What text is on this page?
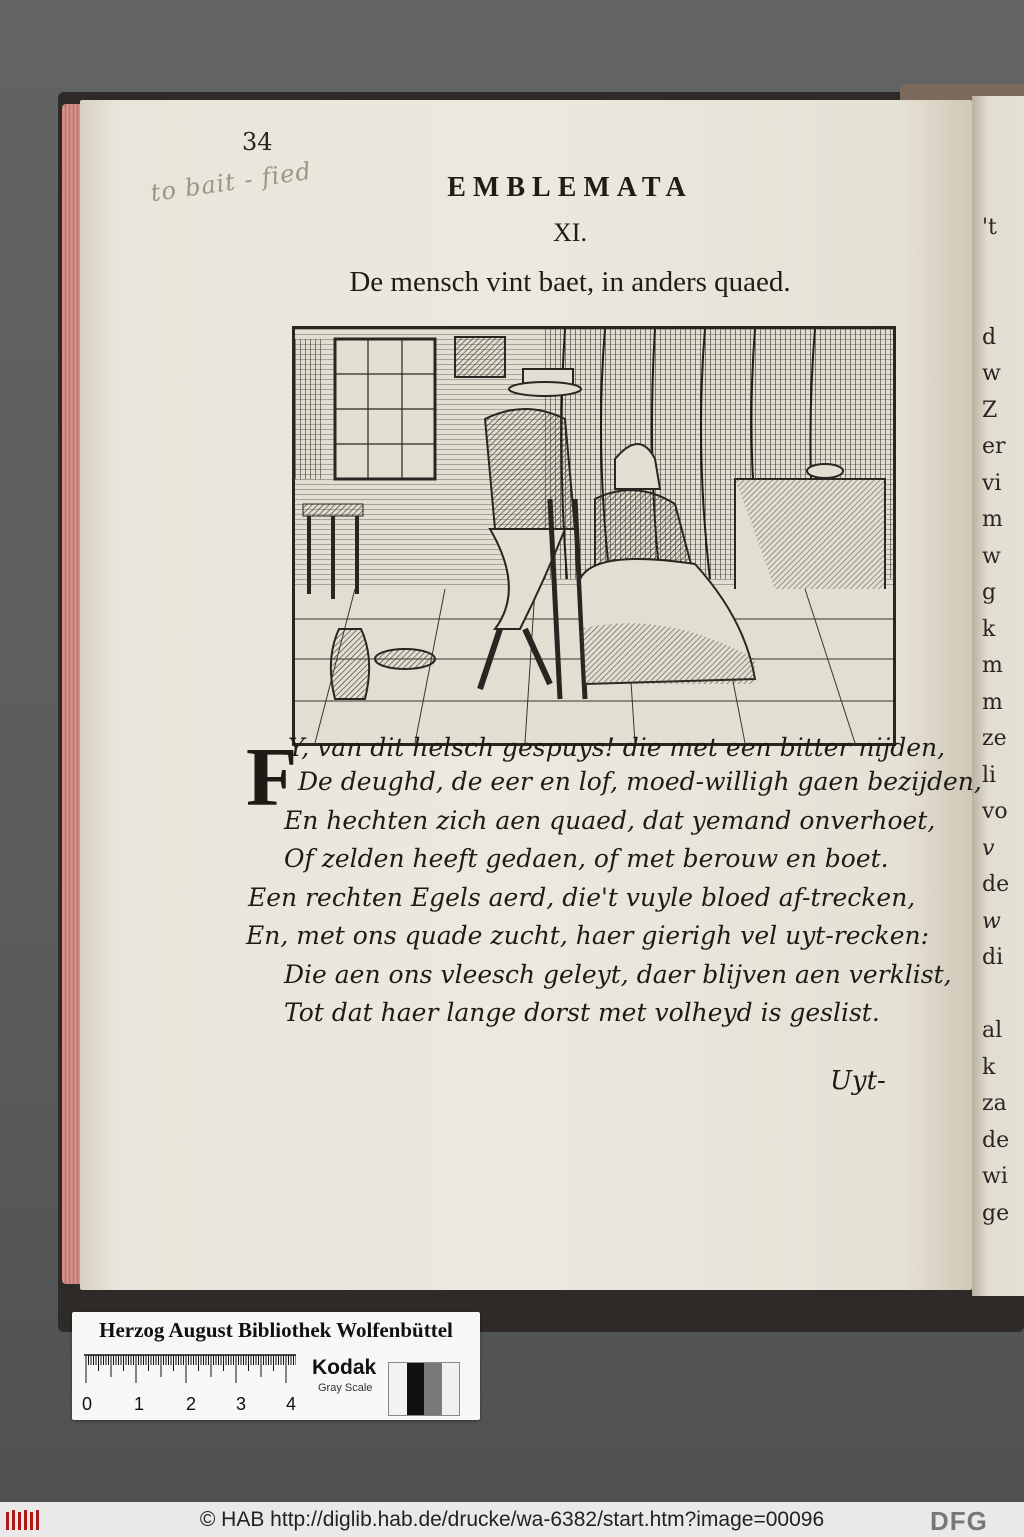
't
d
w
Z
er
vi
m
w
g
k
m
m
ze
li
vo
v
de
w
di
al
k
za
de
wi
ge
34
to bait - fied	EMBLEMATA
XI.
De mensch vint baet, in anders quaed.
F
Y, van dit helsch gespuys! die met een bitter nijden,
De deughd, de eer en lof, moed-willigh gaen bezijden,
En hechten zich aen quaed, dat yemand onverhoet,
Of zelden heeft gedaen, of met berouw en boet.
Een rechten Egels aerd, die't vuyle bloed af-trecken,
En, met ons quade zucht, haer gierigh vel uyt-recken:
Die aen ons vleesch geleyt, daer blijven aen verklist,
Tot dat haer lange dorst met volheyd is geslist.
Uyt-
Herzog August Bibliothek Wolfenbüttel
0 1 2 3 4
Kodak
Gray Scale
© HAB http://diglib.hab.de/drucke/wa-6382/start.htm?image=00096	DFG
